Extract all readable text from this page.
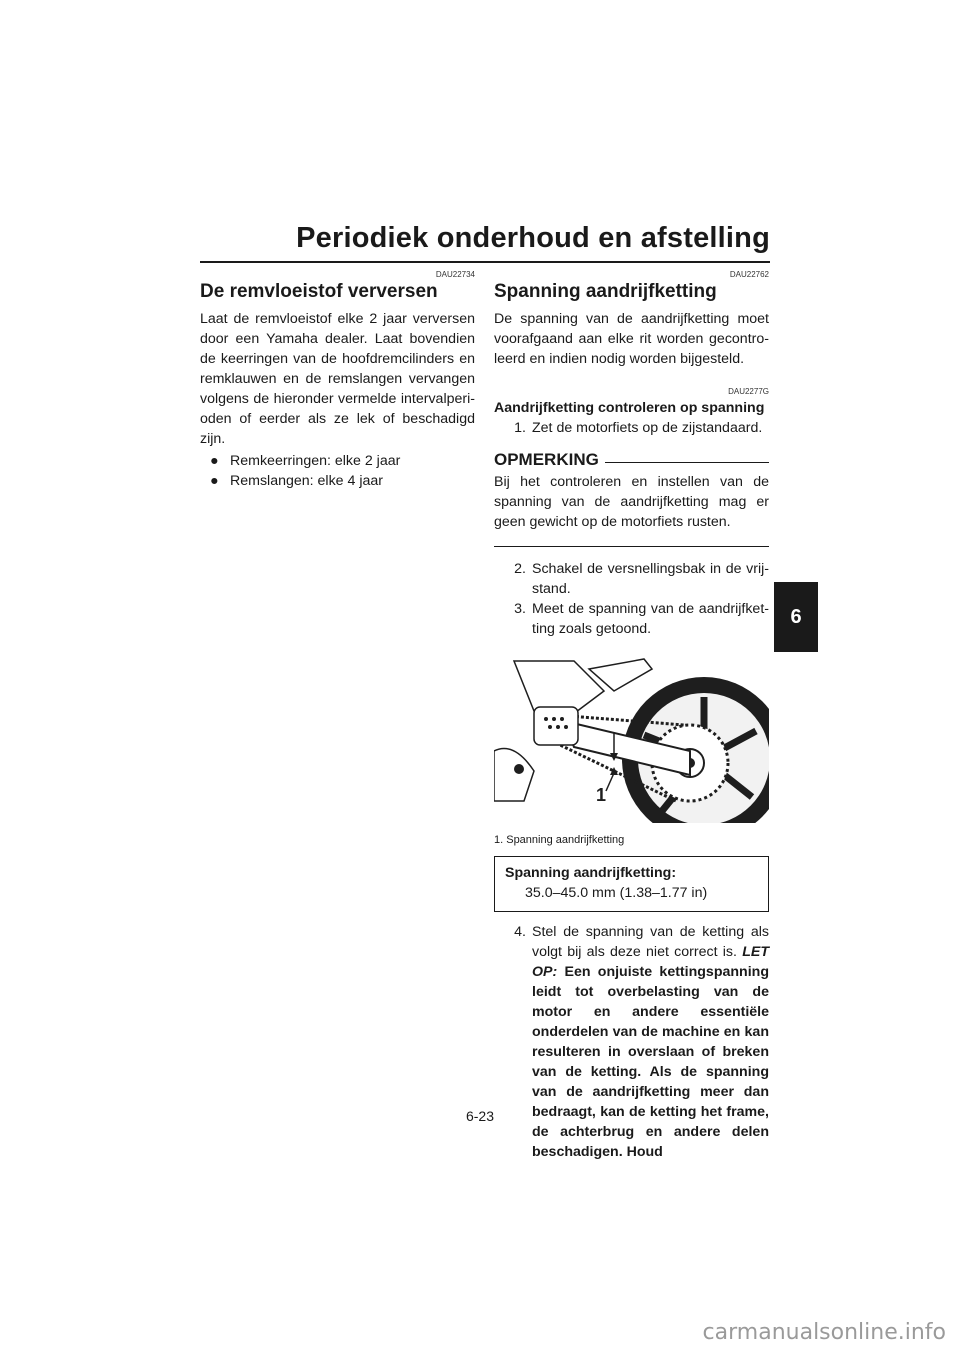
Periodiek onderhoud en afstelling
6
DAU22734
De remvloeistof verversen

Laat de remvloeistof elke 2 jaar verversen door een Yamaha dealer. Laat bovendien de keerringen van de hoofdremcilinders en remklauwen en de remslangen vervangen volgens de hieronder vermelde intervalperioden of eerder als ze lek of beschadigd zijn.

● Remkeerringen: elke 2 jaar
● Remslangen: elke 4 jaar
DAU22762
Spanning aandrijfketting

De spanning van de aandrijfketting moet voorafgaand aan elke rit worden gecontroleerd en indien nodig worden bijgesteld.

DAU2277G
Aandrijfketting controleren op spanning
1. Zet de motorfiets op de zijstandaard.
OPMERKING

Bij het controleren en instellen van de spanning van de aandrijfketting mag er geen gewicht op de motorfiets rusten.

2. Schakel de versnellingsbak in de vrijstand.
3. Meet de spanning van de aandrijfketting zoals getoond.
1
1. Spanning aandrijfketting
Spanning aandrijfketting:
35.0–45.0 mm (1.38–1.77 in)
4. Stel de spanning van de ketting als volgt bij als deze niet correct is. LET OP: Een onjuiste kettingspanning leidt tot overbelasting van de motor en andere essentiële onderdelen van de machine en kan resulteren in overslaan of breken van de ketting. Als de spanning van de aandrijfketting meer dan bedraagt, kan de ketting het frame, de achterbrug en andere delen beschadigen. Houd
6-23
carmanualsonline.info
